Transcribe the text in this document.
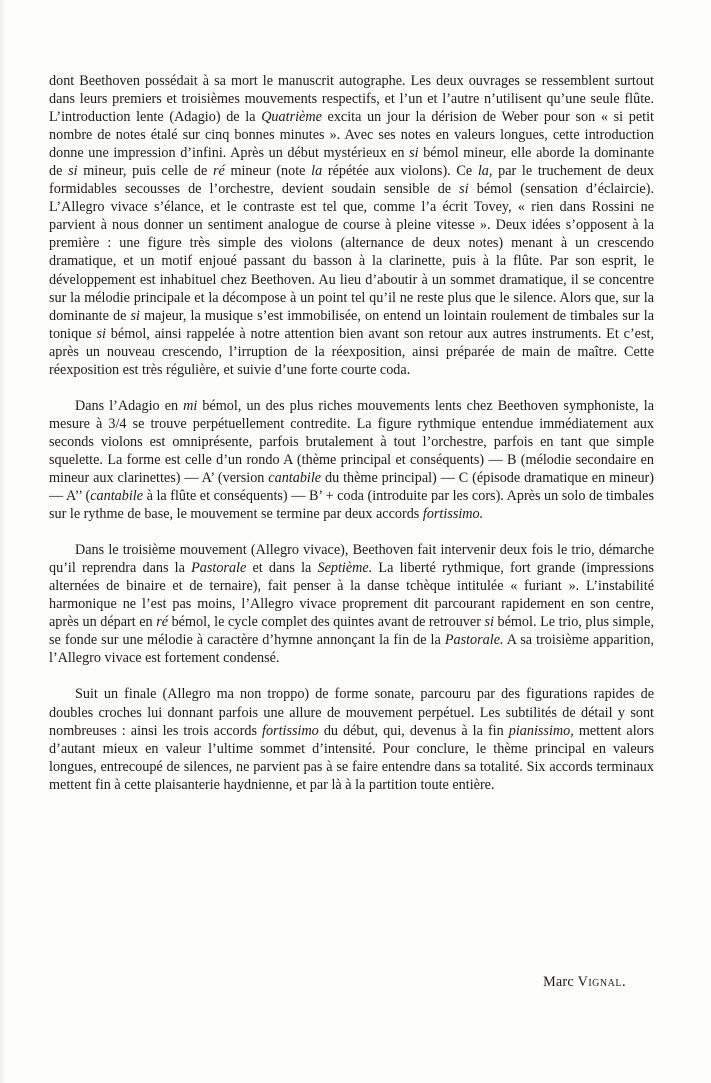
dont Beethoven possédait à sa mort le manuscrit autographe. Les deux ouvrages se ressemblent surtout dans leurs premiers et troisièmes mouvements respectifs, et l’un et l’autre n’utilisent qu’une seule flûte. L’introduction lente (Adagio) de la Quatrième excita un jour la dérision de Weber pour son « si petit nombre de notes étalé sur cinq bonnes minutes ». Avec ses notes en valeurs longues, cette introduction donne une impression d’infini. Après un début mystérieux en si bémol mineur, elle aborde la dominante de si mineur, puis celle de ré mineur (note la répétée aux violons). Ce la, par le truchement de deux formidables secousses de l’orchestre, devient soudain sensible de si bémol (sensation d’éclaircie). L’Allegro vivace s’élance, et le contraste est tel que, comme l’a écrit Tovey, « rien dans Rossini ne parvient à nous donner un sentiment analogue de course à pleine vitesse ». Deux idées s’opposent à la première : une figure très simple des violons (alternance de deux notes) menant à un crescendo dramatique, et un motif enjoué passant du basson à la clarinette, puis à la flûte. Par son esprit, le développement est inhabituel chez Beethoven. Au lieu d’aboutir à un sommet dramatique, il se concentre sur la mélodie principale et la décompose à un point tel qu’il ne reste plus que le silence. Alors que, sur la dominante de si majeur, la musique s’est immobilisée, on entend un lointain roulement de timbales sur la tonique si bémol, ainsi rappelée à notre attention bien avant son retour aux autres instruments. Et c’est, après un nouveau crescendo, l’irruption de la réexposition, ainsi préparée de main de maître. Cette réexposition est très régulière, et suivie d’une forte courte coda.

Dans l’Adagio en mi bémol, un des plus riches mouvements lents chez Beethoven symphoniste, la mesure à 3/4 se trouve perpétuellement contredite. La figure rythmique entendue immédiatement aux seconds violons est omniprésente, parfois brutalement à tout l’orchestre, parfois en tant que simple squelette. La forme est celle d’un rondo A (thème principal et conséquents) — B (mélodie secondaire en mineur aux clarinettes) — A’ (version cantabile du thème principal) — C (épisode dramatique en mineur) — A’’ (cantabile à la flûte et conséquents) — B’ + coda (introduite par les cors). Après un solo de timbales sur le rythme de base, le mouvement se termine par deux accords fortissimo.

Dans le troisième mouvement (Allegro vivace), Beethoven fait intervenir deux fois le trio, démarche qu’il reprendra dans la Pastorale et dans la Septième. La liberté rythmique, fort grande (impressions alternées de binaire et de ternaire), fait penser à la danse tchèque intitulée « furiant ». L’instabilité harmonique ne l’est pas moins, l’Allegro vivace proprement dit parcourant rapidement en son centre, après un départ en ré bémol, le cycle complet des quintes avant de retrouver si bémol. Le trio, plus simple, se fonde sur une mélodie à caractère d’hymne annonçant la fin de la Pastorale. A sa troisième apparition, l’Allegro vivace est fortement condensé.

Suit un finale (Allegro ma non troppo) de forme sonate, parcouru par des figurations rapides de doubles croches lui donnant parfois une allure de mouvement perpétuel. Les subtilités de détail y sont nombreuses : ainsi les trois accords fortissimo du début, qui, devenus à la fin pianissimo, mettent alors d’autant mieux en valeur l’ultime sommet d’intensité. Pour conclure, le thème principal en valeurs longues, entrecoupé de silences, ne parvient pas à se faire entendre dans sa totalité. Six accords terminaux mettent fin à cette plaisanterie haydnienne, et par là à la partition toute entière.

Marc Vignal.
